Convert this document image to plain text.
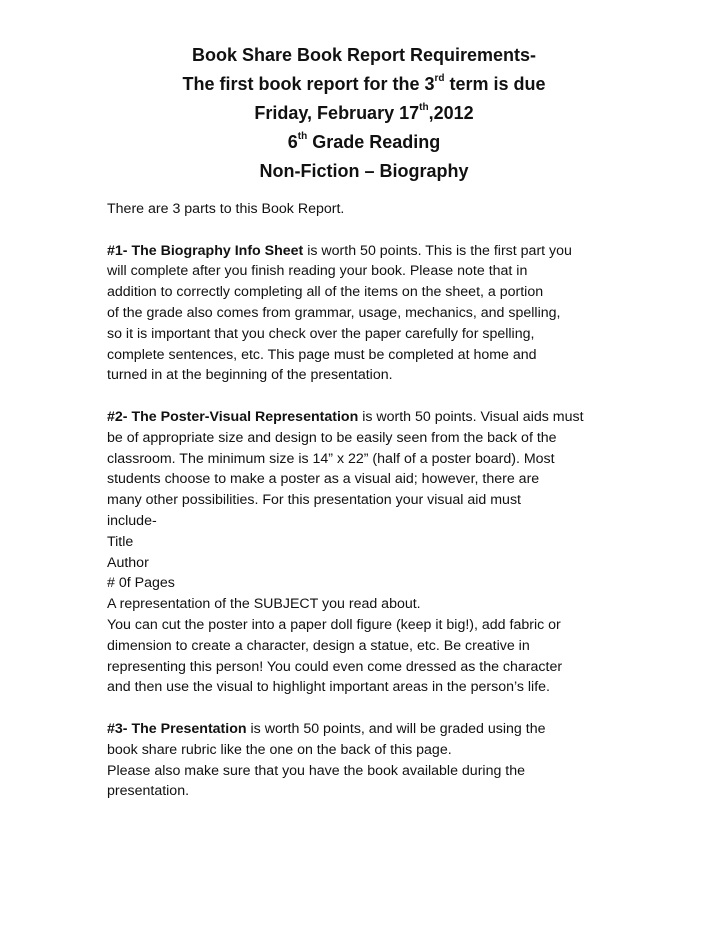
Book Share Book Report Requirements-
The first book report for the 3rd term is due
Friday, February 17th,2012
6th Grade Reading
Non-Fiction – Biography
There are 3 parts to this Book Report.
#1- The Biography Info Sheet is worth 50 points. This is the first part you
will complete after you finish reading your book. Please note that in
addition to correctly completing all of the items on the sheet, a portion
of the grade also comes from grammar, usage, mechanics, and spelling,
so it is important that you check over the paper carefully for spelling,
complete sentences, etc. This page must be completed at home and
turned in at the beginning of the presentation.
#2- The Poster-Visual Representation is worth 50 points. Visual aids must
be of appropriate size and design to be easily seen from the back of the
classroom. The minimum size is 14” x 22” (half of a poster board). Most
students choose to make a poster as a visual aid; however, there are
many other possibilities. For this presentation your visual aid must
include-
Title
Author
# 0f Pages
A representation of the SUBJECT you read about.
You can cut the poster into a paper doll figure (keep it big!), add fabric or
dimension to create a character, design a statue, etc. Be creative in
representing this person! You could even come dressed as the character
and then use the visual to highlight important areas in the person’s life.
#3- The Presentation is worth 50 points, and will be graded using the
book share rubric like the one on the back of this page.
Please also make sure that you have the book available during the
presentation.
